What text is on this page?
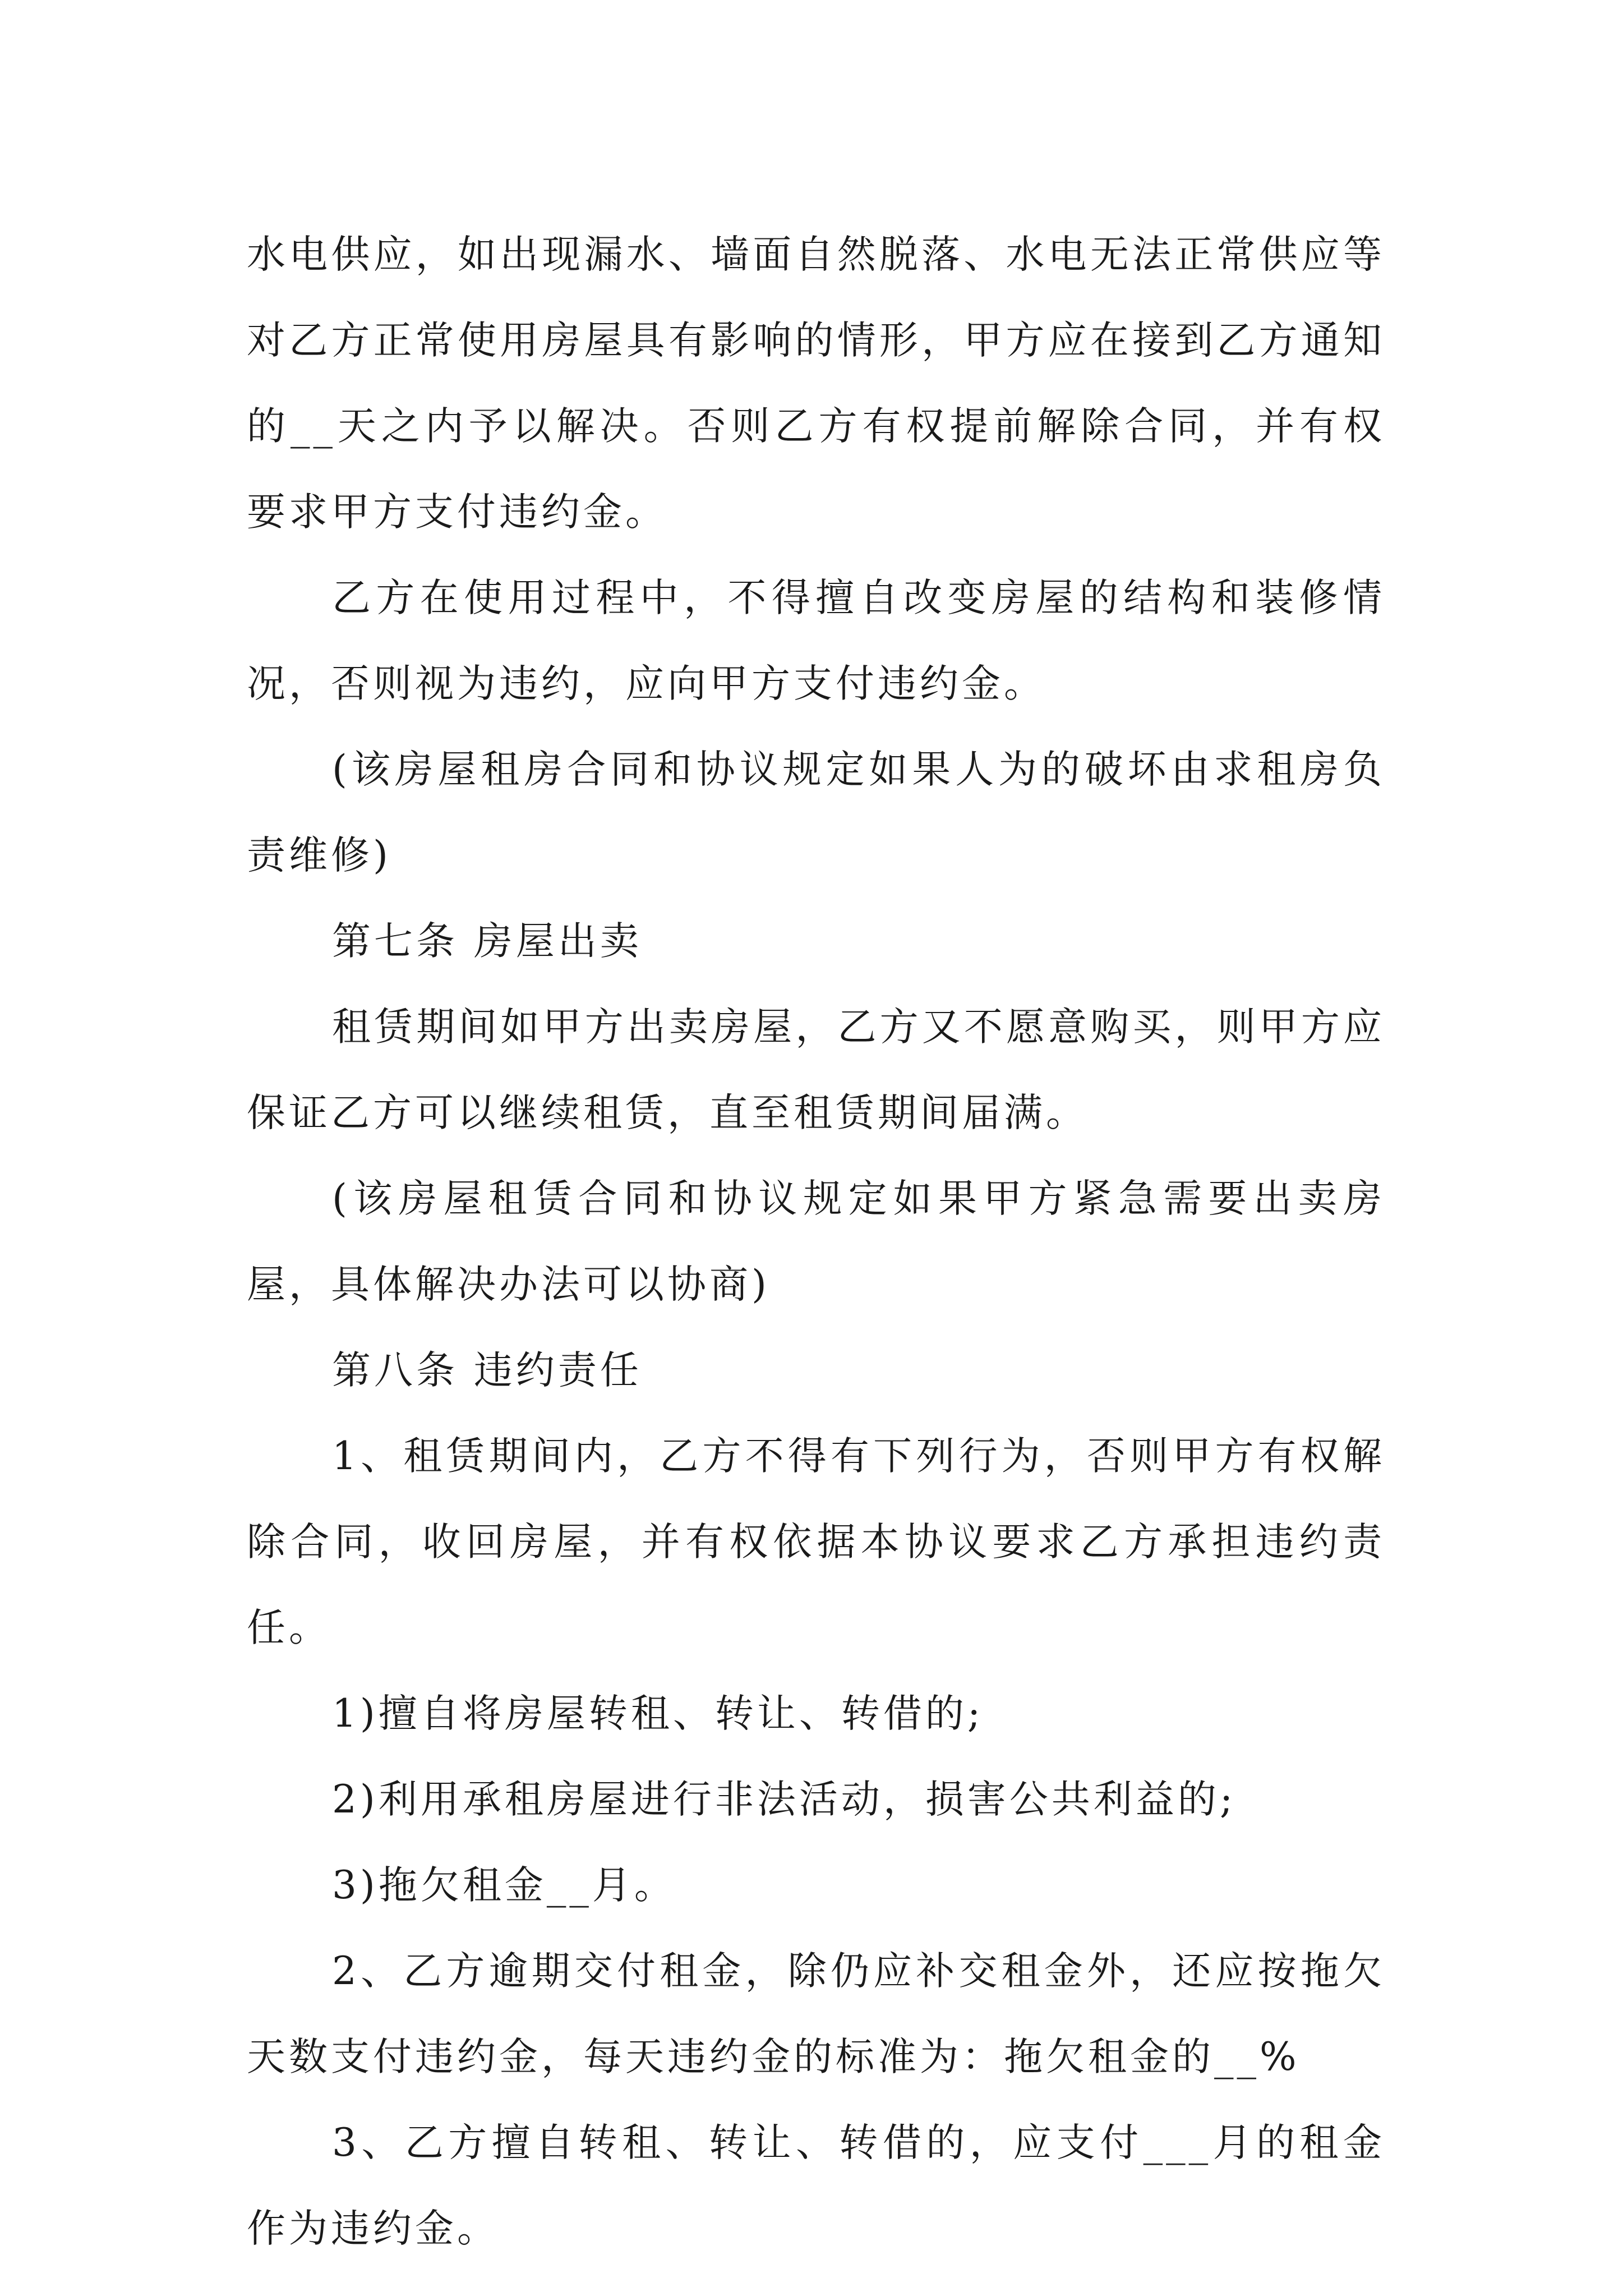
水电供应，如出现漏水、墙面自然脱落、水电无法正常供应等对乙方正常使用房屋具有影响的情形，甲方应在接到乙方通知的__天之内予以解决。否则乙方有权提前解除合同，并有权要求甲方支付违约金。

乙方在使用过程中，不得擅自改变房屋的结构和装修情况，否则视为违约，应向甲方支付违约金。

(该房屋租房合同和协议规定如果人为的破坏由求租房负责维修)

第七条 房屋出卖

租赁期间如甲方出卖房屋，乙方又不愿意购买，则甲方应保证乙方可以继续租赁，直至租赁期间届满。

(该房屋租赁合同和协议规定如果甲方紧急需要出卖房屋，具体解决办法可以协商)

第八条 违约责任

1、租赁期间内，乙方不得有下列行为，否则甲方有权解除合同，收回房屋，并有权依据本协议要求乙方承担违约责任。

1)擅自将房屋转租、转让、转借的;

2)利用承租房屋进行非法活动，损害公共利益的;

3)拖欠租金__月。

2、乙方逾期交付租金，除仍应补交租金外，还应按拖欠天数支付违约金，每天违约金的标准为：拖欠租金的__%

3、乙方擅自转租、转让、转借的，应支付___月的租金作为违约金。
